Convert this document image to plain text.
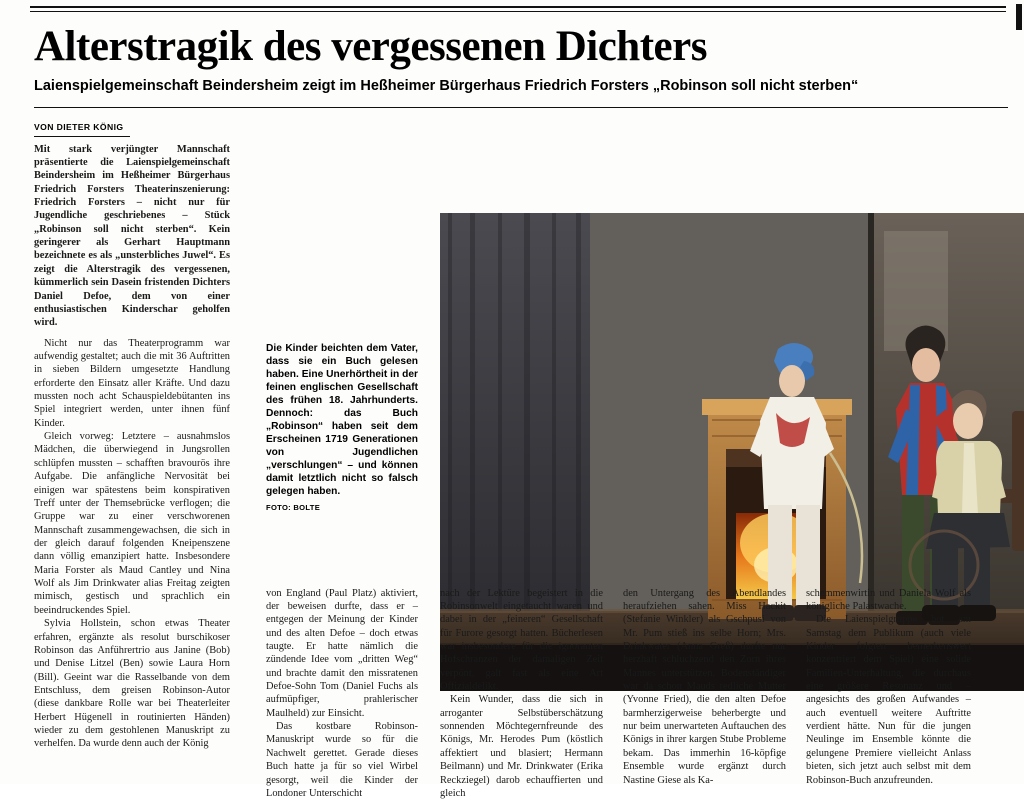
Alterstragik des vergessenen Dichters
Laienspielgemeinschaft Beindersheim zeigt im Heßheimer Bürgerhaus Friedrich Forsters „Robinson soll nicht sterben“
VON DIETER KÖNIG

Mit stark verjüngter Mannschaft präsentierte die Laienspielgemeinschaft Beindersheim im Heßheimer Bürgerhaus Friedrich Forsters Theaterinszenierung: Friedrich Forsters – nicht nur für Jugendliche geschriebenes – Stück „Robinson soll nicht sterben“. Kein geringerer als Gerhart Hauptmann bezeichnete es als „unsterbliches Juwel“. Es zeigt die Alterstragik des vergessenen, kümmerlich sein Dasein fristenden Dichters Daniel Defoe, dem von einer enthusiastischen Kinderschar geholfen wird.

Nicht nur das Theaterprogramm war aufwendig gestaltet; auch die mit 36 Auftritten in sieben Bildern umgesetzte Handlung erforderte den Einsatz aller Kräfte. Und dazu mussten noch acht Schauspieldebütanten ins Spiel integriert werden, unter ihnen fünf Kinder.

Gleich vorweg: Letztere – ausnahmslos Mädchen, die überwiegend in Jungsrollen schlüpfen mussten – schafften bravourös ihre Aufgabe. Die anfängliche Nervosität bei einigen war spätestens beim konspirativen Treff unter der Themsebrücke verflogen; die Gruppe war zu einer verschworenen Mannschaft zusammengewachsen, die sich in der gleich darauf folgenden Kneipenszene dann völlig emanzipiert hatte. Insbesondere Maria Forster als Maud Cantley und Nina Wolf als Jim Drinkwater alias Freitag zeigten mimisch, gestisch und sprachlich ein beeindruckendes Spiel.

Sylvia Hollstein, schon etwas Theater erfahren, ergänzte als resolut burschikoser Robinson das Anführertrio aus Janine (Bob) und Denise Litzel (Ben) sowie Laura Horn (Bill). Geeint war die Rasselbande von dem Entschluss, dem greisen Robinson-Autor (diese dankbare Rolle war bei Theaterleiter Herbert Hügenell in routinierten Händen) wieder zu dem gestohlenen Manuskript zu verhelfen. Da wurde denn auch der König

Die Kinder beichten dem Vater, dass sie ein Buch gelesen haben. Eine Unerhörtheit in der feinen englischen Gesellschaft des frühen 18. Jahrhunderts. Dennoch: das Buch „Robinson“ haben seit dem Erscheinen 1719 Generationen von Jugendlichen „verschlungen“ – und können damit letztlich nicht so falsch gelegen haben.
FOTO: BOLTE

von England (Paul Platz) aktiviert, der beweisen durfte, dass er – entgegen der Meinung der Kinder und des alten Defoe – doch etwas taugte. Er hatte nämlich die zündende Idee vom „dritten Weg“ und brachte damit den missratenen Defoe-Sohn Tom (Daniel Fuchs als aufmüpfiger, prahlerischer Maulheld) zur Einsicht.

Das kostbare Robinson-Manuskript wurde so für die Nachwelt gerettet. Gerade dieses Buch hatte ja für so viel Wirbel gesorgt, weil die Kinder der Londoner Unterschicht

nach der Lektüre begeistert in die Robinsonwelt eingetaucht waren und dabei in der „feineren“ Gesellschaft für Furore gesorgt hatten. Bücherlesen war insbesondere für die ignoranten Hofschranzen der damaligen Zeit verpönt, galt fast als eine Art Offizialdelikt.

Kein Wunder, dass die sich in arroganter Selbstüberschätzung sonnenden Möchtegernfreunde des Königs, Mr. Herodes Pum (köstlich affektiert und blasiert; Hermann Beilmann) und Mr. Drinkwater (Erika Reckziegel) darob echauffierten und gleich

den Untergang des Abendlandes heraufziehen sahen. Miss Hackit (Stefanie Winkler) als Gschpusi von Mr. Pum stieß ins selbe Horn; Mrs. Drinkwater (Anna Greß) durfte nur herzhaft schluchzend den Zorn ihres Mannes unterstützen. Bodenständiger war da schon Mauds redliche Mutter (Yvonne Fried), die den alten Defoe barmherzigerweise beherbergte und nur beim unerwarteten Auftauchen des Königs in ihrer kargen Stube Probleme bekam. Das immerhin 16-köpfige Ensemble wurde ergänzt durch Nastine Giese als Ka-

schemmenwirtin und Daniela Wolf als königliche Palastwache.

Die Laienspielgruppe bot am Samstag dem Publikum (auch viele Kinder folgten bemerkenswert konzentriert dem Spiel) eine solide Familien-Unterhaltung, die durchaus eine größere Resonanz und – angesichts des großen Aufwandes – auch eventuell weitere Auftritte verdient hätte. Nun für die jungen Neulinge im Ensemble könnte die gelungene Premiere vielleicht Anlass bieten, sich jetzt auch selbst mit dem Robinson-Buch anzufreunden.
